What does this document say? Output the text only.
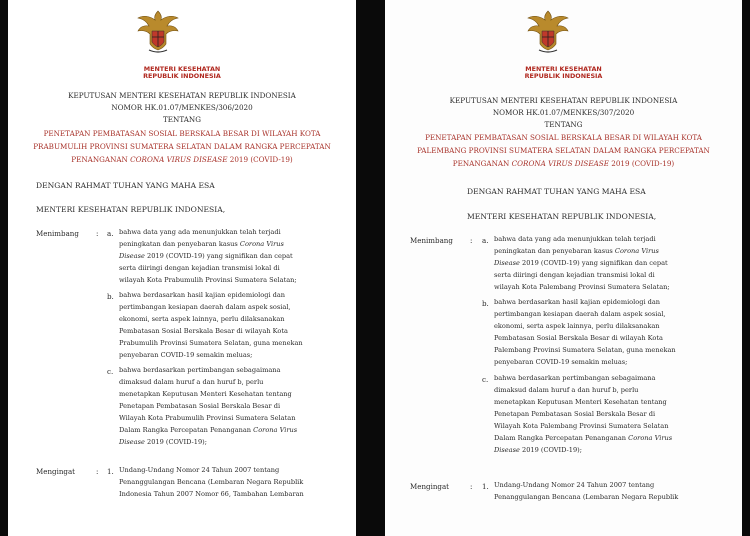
MENTERI KESEHATAN
REPUBLIK INDONESIA
KEPUTUSAN MENTERI KESEHATAN REPUBLIK INDONESIA
NOMOR HK.01.07/MENKES/306/2020
TENTANG
PENETAPAN PEMBATASAN SOSIAL BERSKALA BESAR DI WILAYAH KOTA
PRABUMULIH PROVINSI SUMATERA SELATAN DALAM RANGKA PERCEPATAN
PENANGANAN CORONA VIRUS DISEASE 2019 (COVID-19)
DENGAN RAHMAT TUHAN YANG MAHA ESA
MENTERI KESEHATAN REPUBLIK INDONESIA,
Menimbang : a. bahwa data yang ada menunjukkan telah terjadi
peningkatan dan penyebaran kasus Corona Virus
Disease 2019 (COVID-19) yang signifikan dan cepat
serta diiringi dengan kejadian transmisi lokal di
wilayah Kota Prabumulih Provinsi Sumatera Selatan;
b. bahwa berdasarkan hasil kajian epidemiologi dan
pertimbangan kesiapan daerah dalam aspek sosial,
ekonomi, serta aspek lainnya, perlu dilaksanakan
Pembatasan Sosial Berskala Besar di wilayah Kota
Prabumulih Provinsi Sumatera Selatan, guna menekan
penyebaran COVID-19 semakin meluas;
c. bahwa berdasarkan pertimbangan sebagaimana
dimaksud dalam huruf a dan huruf b, perlu
menetapkan Keputusan Menteri Kesehatan tentang
Penetapan Pembatasan Sosial Berskala Besar di
Wilayah Kota Prabumulih Provinsi Sumatera Selatan
Dalam Rangka Percepatan Penanganan Corona Virus
Disease 2019 (COVID-19);
Mengingat	: 1. Undang-Undang Nomor 24 Tahun 2007 tentang
Penanggulangan Bencana (Lembaran Negara Republik
Indonesia Tahun 2007 Nomor 66, Tambahan Lembaran
MENTERI KESEHATAN
REPUBLIK INDONESIA
KEPUTUSAN MENTERI KESEHATAN REPUBLIK INDONESIA
NOMOR HK.01.07/MENKES/307/2020
TENTANG
PENETAPAN PEMBATASAN SOSIAL BERSKALA BESAR DI WILAYAH KOTA
PALEMBANG PROVINSI SUMATERA SELATAN DALAM RANGKA PERCEPATAN
PENANGANAN CORONA VIRUS DISEASE 2019 (COVID-19)
DENGAN RAHMAT TUHAN YANG MAHA ESA
MENTERI KESEHATAN REPUBLIK INDONESIA,
Menimbang : a. bahwa data yang ada menunjukkan telah terjadi
peningkatan dan penyebaran kasus Corona Virus
Disease 2019 (COVID-19) yang signifikan dan cepat
serta diiringi dengan kejadian transmisi lokal di
wilayah Kota Palembang Provinsi Sumatera Selatan;
b. bahwa berdasarkan hasil kajian epidemiologi dan
pertimbangan kesiapan daerah dalam aspek sosial,
ekonomi, serta aspek lainnya, perlu dilaksanakan
Pembatasan Sosial Berskala Besar di wilayah Kota
Palembang Provinsi Sumatera Selatan, guna menekan
penyebaran COVID-19 semakin meluas;
c. bahwa berdasarkan pertimbangan sebagaimana
dimaksud dalam huruf a dan huruf b, perlu
menetapkan Keputusan Menteri Kesehatan tentang
Penetapan Pembatasan Sosial Berskala Besar di
Wilayah Kota Palembang Provinsi Sumatera Selatan
Dalam Rangka Percepatan Penanganan Corona Virus
Disease 2019 (COVID-19);
Mengingat	: 1. Undang-Undang Nomor 24 Tahun 2007 tentang
Penanggulangan Bencana (Lembaran Negara Republik
